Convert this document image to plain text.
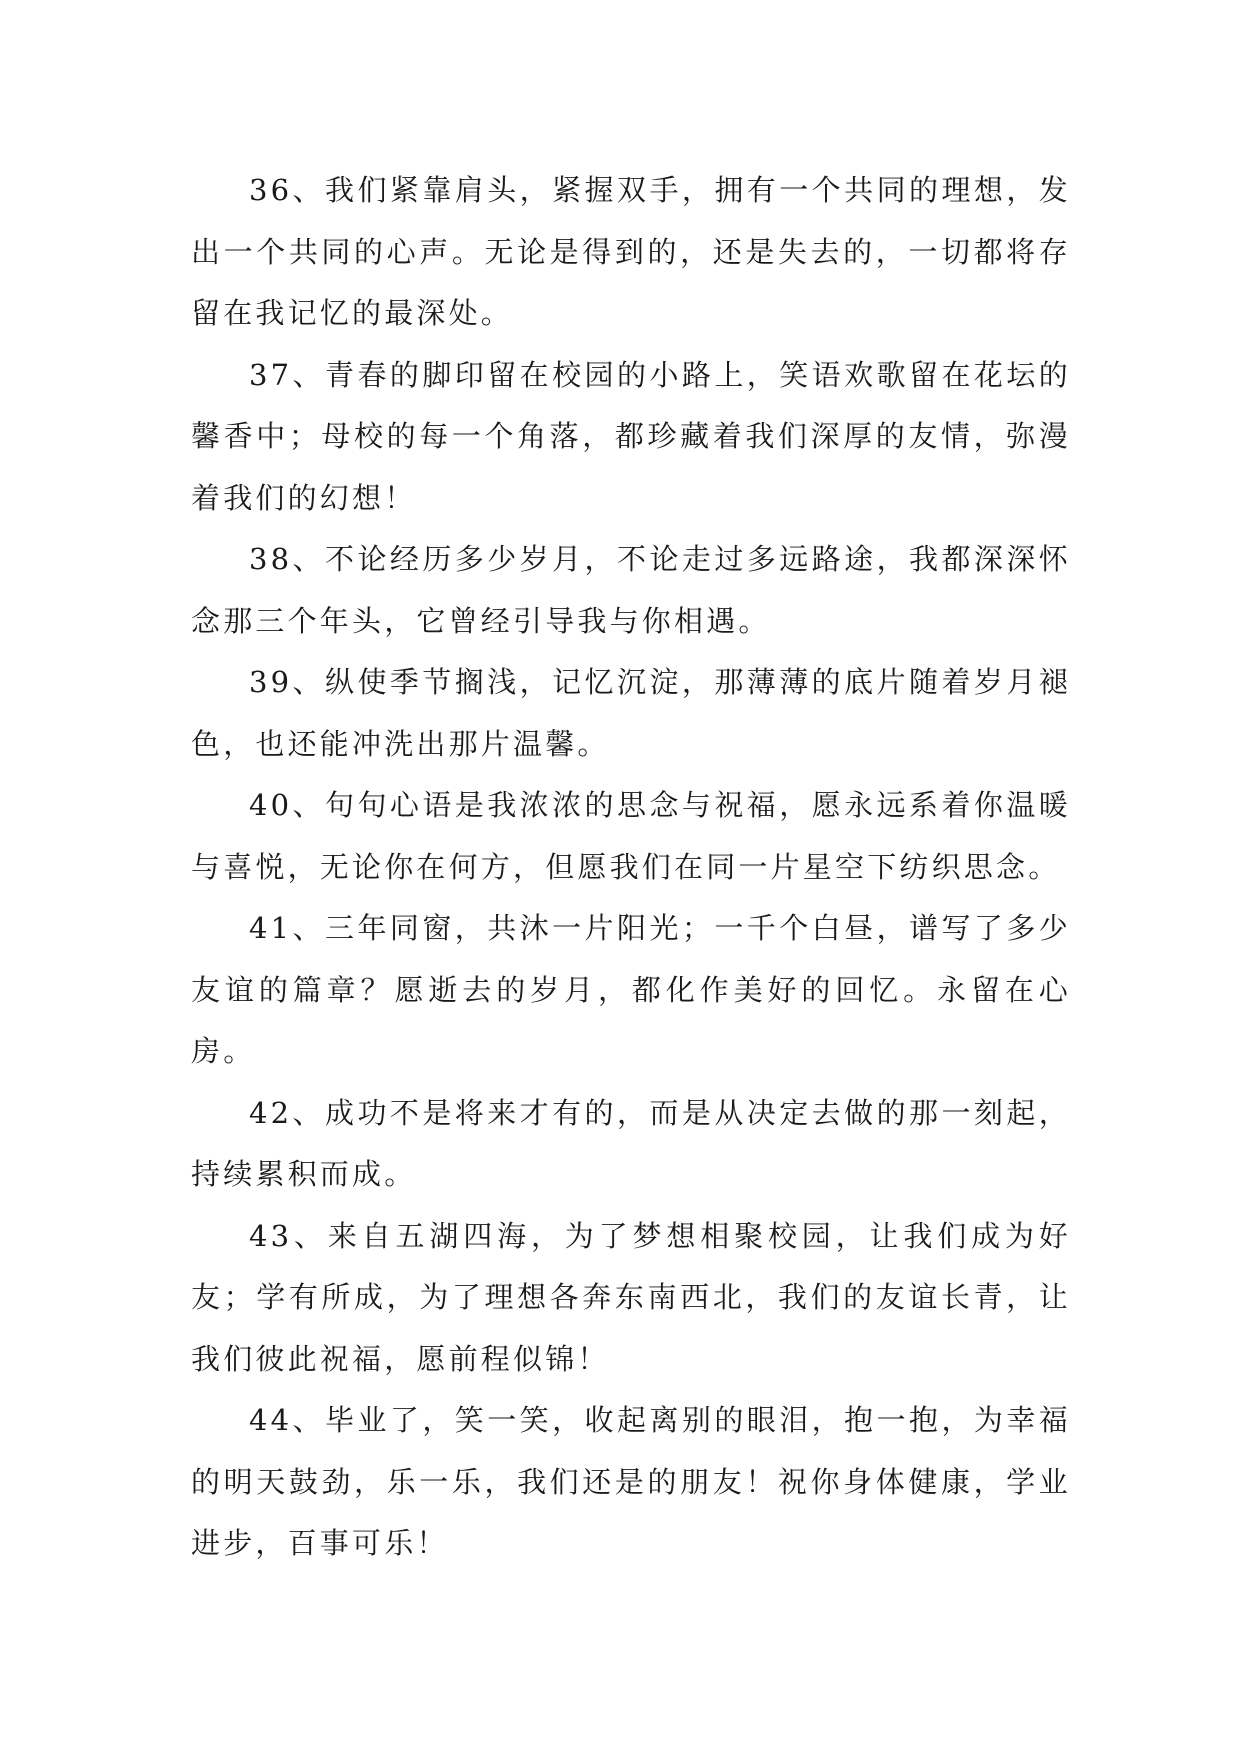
36、我们紧靠肩头，紧握双手，拥有一个共同的理想，发出一个共同的心声。无论是得到的，还是失去的，一切都将存留在我记忆的最深处。

37、青春的脚印留在校园的小路上，笑语欢歌留在花坛的馨香中；母校的每一个角落，都珍藏着我们深厚的友情，弥漫着我们的幻想！

38、不论经历多少岁月，不论走过多远路途，我都深深怀念那三个年头，它曾经引导我与你相遇。

39、纵使季节搁浅，记忆沉淀，那薄薄的底片随着岁月褪色，也还能冲洗出那片温馨。

40、句句心语是我浓浓的思念与祝福，愿永远系着你温暖与喜悦，无论你在何方，但愿我们在同一片星空下纺织思念。

41、三年同窗，共沐一片阳光；一千个白昼，谱写了多少友谊的篇章？愿逝去的岁月，都化作美好的回忆。永留在心房。

42、成功不是将来才有的，而是从决定去做的那一刻起，持续累积而成。

43、来自五湖四海，为了梦想相聚校园，让我们成为好友；学有所成，为了理想各奔东南西北，我们的友谊长青，让我们彼此祝福，愿前程似锦！

44、毕业了，笑一笑，收起离别的眼泪，抱一抱，为幸福的明天鼓劲，乐一乐，我们还是的朋友！祝你身体健康，学业进步，百事可乐！
